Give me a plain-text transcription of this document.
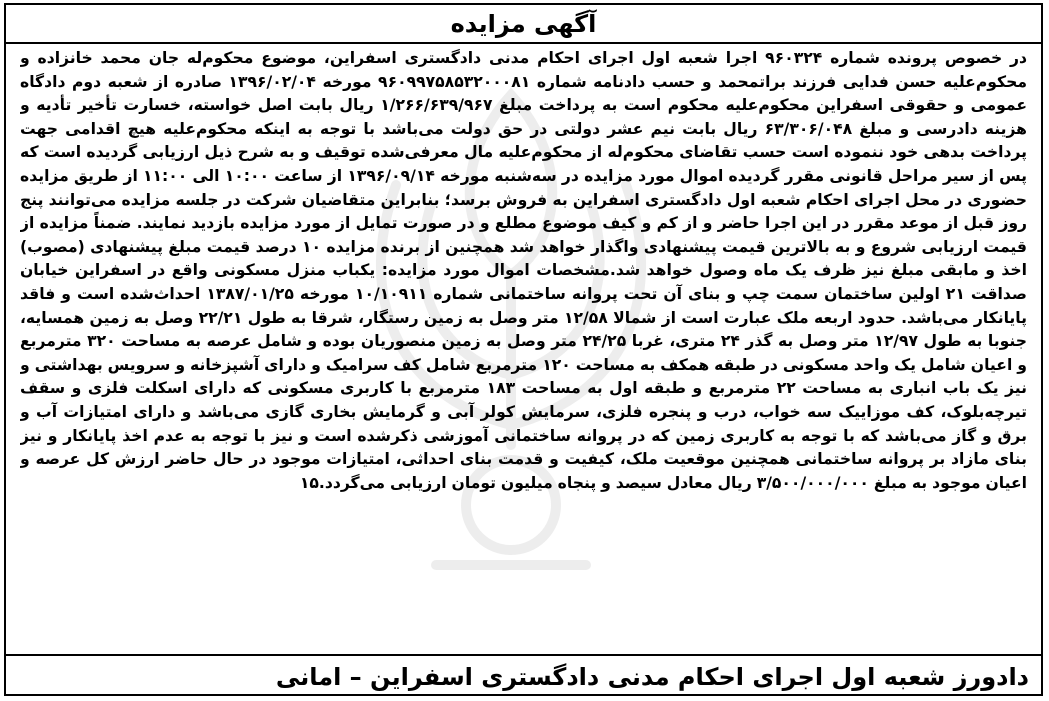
آگهی مزایده

در خصوص پرونده شماره ۹۶۰۳۲۴ اجرا شعبه اول اجرای احکام مدنی دادگستری اسفراین، موضوع محکوم‌له جان محمد خانزاده و محکوم‌علیه حسن فدایی فرزند براتمحمد و حسب دادنامه شماره ۹۶۰۹۹۷۵۸۵۳۲۰۰۰۸۱ مورخه ۱۳۹۶/۰۲/۰۴ صادره از شعبه دوم دادگاه عمومی و حقوقی اسفراین محکوم‌علیه محکوم است به پرداخت مبلغ ۱/۲۶۶/۶۳۹/۹۶۷ ریال بابت اصل خواسته، خسارت تأخیر تأدیه و هزینه دادرسی و مبلغ ۶۳/۳۰۶/۰۴۸ ریال بابت نیم عشر دولتی در حق دولت می‌باشد با توجه به اینکه محکوم‌علیه هیچ اقدامی جهت پرداخت بدهی خود ننموده است حسب تقاضای محکوم‌له از محکوم‌علیه مال معرفی‌شده توقیف و به شرح ذیل ارزیابی گردیده است که پس از سیر مراحل قانونی مقرر گردیده اموال مورد مزایده در سه‌شنبه مورخه ۱۳۹۶/۰۹/۱۴ از ساعت ۱۰:۰۰ الی ۱۱:۰۰ از طریق مزایده حضوری در محل اجرای احکام شعبه اول دادگستری اسفراین به فروش برسد؛ بنابراین متقاضیان شرکت در جلسه مزایده می‌توانند پنج روز قبل از موعد مقرر در این اجرا حاضر و از کم و کیف موضوع مطلع و در صورت تمایل از مورد مزایده بازدید نمایند. ضمناً مزایده از قیمت ارزیابی شروع و به بالاترین قیمت پیشنهادی واگذار خواهد شد همچنین از برنده مزایده ۱۰ درصد قیمت مبلغ پیشنهادی (مصوب) اخذ و مابقی مبلغ نیز ظرف یک ماه وصول خواهد شد.مشخصات اموال مورد مزایده: یکباب منزل مسکونی واقع در اسفراین خیابان صداقت ۲۱ اولین ساختمان سمت چپ و بنای آن تحت پروانه ساختمانی شماره ۱۰/۱۰۹۱۱ مورخه ۱۳۸۷/۰۱/۲۵ احداث‌شده است و فاقد پایانکار می‌باشد. حدود اربعه ملک عبارت است از شمالا ۱۲/۵۸ متر وصل به زمین رستگار، شرقا به طول ۲۲/۲۱ وصل به زمین همسایه، جنوبا به طول ۱۲/۹۷ متر وصل به گذر ۲۴ متری، غربا ۲۴/۲۵ متر وصل به زمین منصوریان بوده و شامل عرصه به مساحت ۳۲۰ مترمربع و اعیان شامل یک واحد مسکونی در طبقه همکف به مساحت ۱۲۰ مترمربع شامل کف سرامیک و دارای آشپزخانه و سرویس بهداشتی و نیز یک باب انباری به مساحت ۲۲ مترمربع و طبقه اول به مساحت ۱۸۳ مترمربع با کاربری مسکونی که دارای اسکلت فلزی و سقف تیرچه‌بلوک، کف موزاییک سه خواب، درب و پنجره فلزی، سرمایش کولر آبی و گرمایش بخاری گازی می‌باشد و دارای امتیازات آب و برق و گاز می‌باشد که با توجه به کاربری زمین که در پروانه ساختمانی آموزشی ذکرشده است و نیز با توجه به عدم اخذ پایانکار و نیز بنای مازاد بر پروانه ساختمانی همچنین موقعیت ملک، کیفیت و قدمت بنای احداثی، امتیازات موجود در حال حاضر ارزش کل عرصه و اعیان موجود به مبلغ ۳/۵۰۰/۰۰۰/۰۰۰ ریال معادل سیصد و پنجاه میلیون تومان ارزیابی می‌گردد.۱۵

دادورز شعبه اول اجرای احکام مدنی دادگستری اسفراین – امانی
